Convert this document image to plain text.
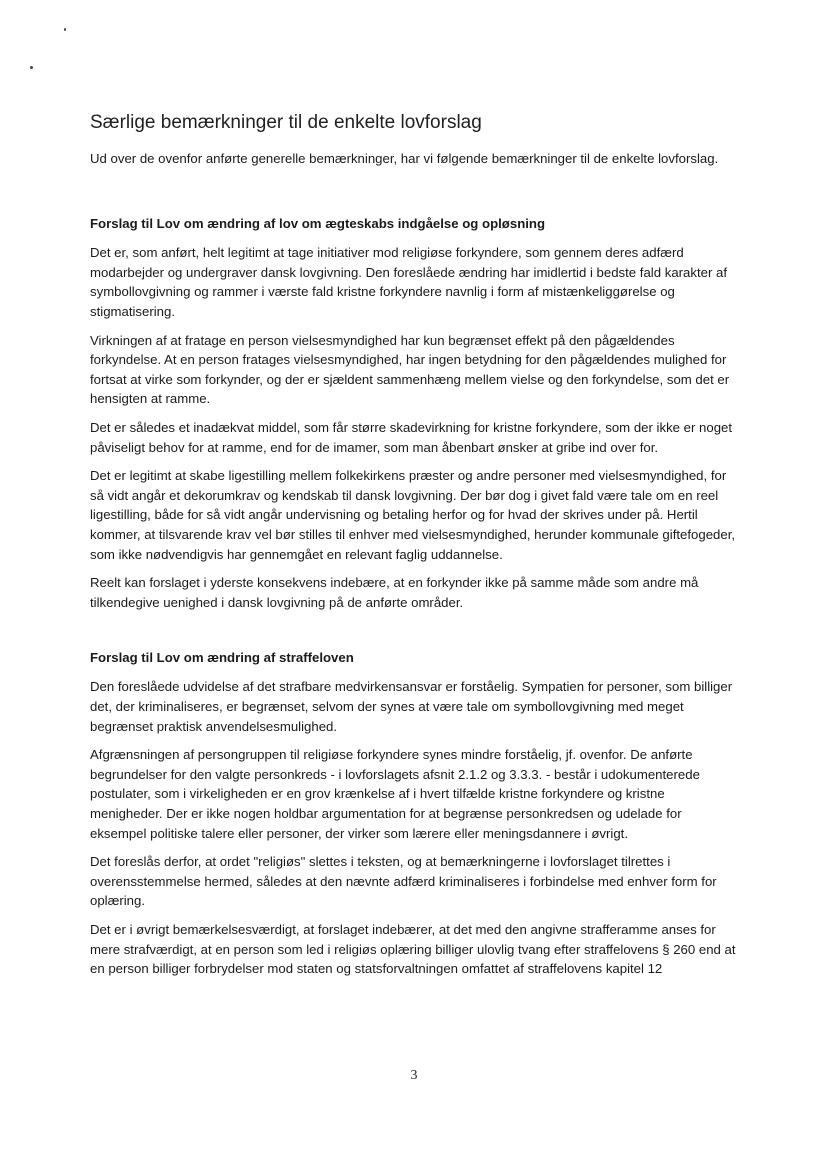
Særlige bemærkninger til de enkelte lovforslag

Ud over de ovenfor anførte generelle bemærkninger, har vi følgende bemærkninger til de enkelte lovforslag.

Forslag til Lov om ændring af lov om ægteskabs indgåelse og opløsning

Det er, som anført, helt legitimt at tage initiativer mod religiøse forkyndere, som gennem deres adfærd modarbejder og undergraver dansk lovgivning. Den foreslåede ændring har imidlertid i bedste fald karakter af symbollovgivning og rammer i værste fald kristne forkyndere navnlig i form af mistænkeliggørelse og stigmatisering.

Virkningen af at fratage en person vielsesmyndighed har kun begrænset effekt på den pågældendes forkyndelse. At en person fratages vielsesmyndighed, har ingen betydning for den pågældendes mulighed for fortsat at virke som forkynder, og der er sjældent sammenhæng mellem vielse og den forkyndelse, som det er hensigten at ramme.

Det er således et inadækvat middel, som får større skadevirkning for kristne forkyndere, som der ikke er noget påviseligt behov for at ramme, end for de imamer, som man åbenbart ønsker at gribe ind over for.

Det er legitimt at skabe ligestilling mellem folkekirkens præster og andre personer med vielsesmyndighed, for så vidt angår et dekorumkrav og kendskab til dansk lovgivning. Der bør dog i givet fald være tale om en reel ligestilling, både for så vidt angår undervisning og betaling herfor og for hvad der skrives under på. Hertil kommer, at tilsvarende krav vel bør stilles til enhver med vielsesmyndighed, herunder kommunale giftefogeder, som ikke nødvendigvis har gennemgået en relevant faglig uddannelse.

Reelt kan forslaget i yderste konsekvens indebære, at en forkynder ikke på samme måde som andre må tilkendegive uenighed i dansk lovgivning på de anførte områder.

Forslag til Lov om ændring af straffeloven

Den foreslåede udvidelse af det strafbare medvirkensansvar er forståelig. Sympatien for personer, som billiger det, der kriminaliseres, er begrænset, selvom der synes at være tale om symbollovgivning med meget begrænset praktisk anvendelsesmulighed.

Afgrænsningen af persongruppen til religiøse forkyndere synes mindre forståelig, jf. ovenfor. De anførte begrundelser for den valgte personkreds - i lovforslagets afsnit 2.1.2 og 3.3.3. - består i udokumenterede postulater, som i virkeligheden er en grov krænkelse af i hvert tilfælde kristne forkyndere og kristne menigheder. Der er ikke nogen holdbar argumentation for at begrænse personkredsen og udelade for eksempel politiske talere eller personer, der virker som lærere eller meningsdannere i øvrigt.

Det foreslås derfor, at ordet "religiøs" slettes i teksten, og at bemærkningerne i lovforslaget tilrettes i overensstemmelse hermed, således at den nævnte adfærd kriminaliseres i forbindelse med enhver form for oplæring.

Det er i øvrigt bemærkelsesværdigt, at forslaget indebærer, at det med den angivne strafferamme anses for mere strafværdigt, at en person som led i religiøs oplæring billiger ulovlig tvang efter straffelovens § 260 end at en person billiger forbrydelser mod staten og statsforvaltningen omfattet af straffelovens kapitel 12

3
